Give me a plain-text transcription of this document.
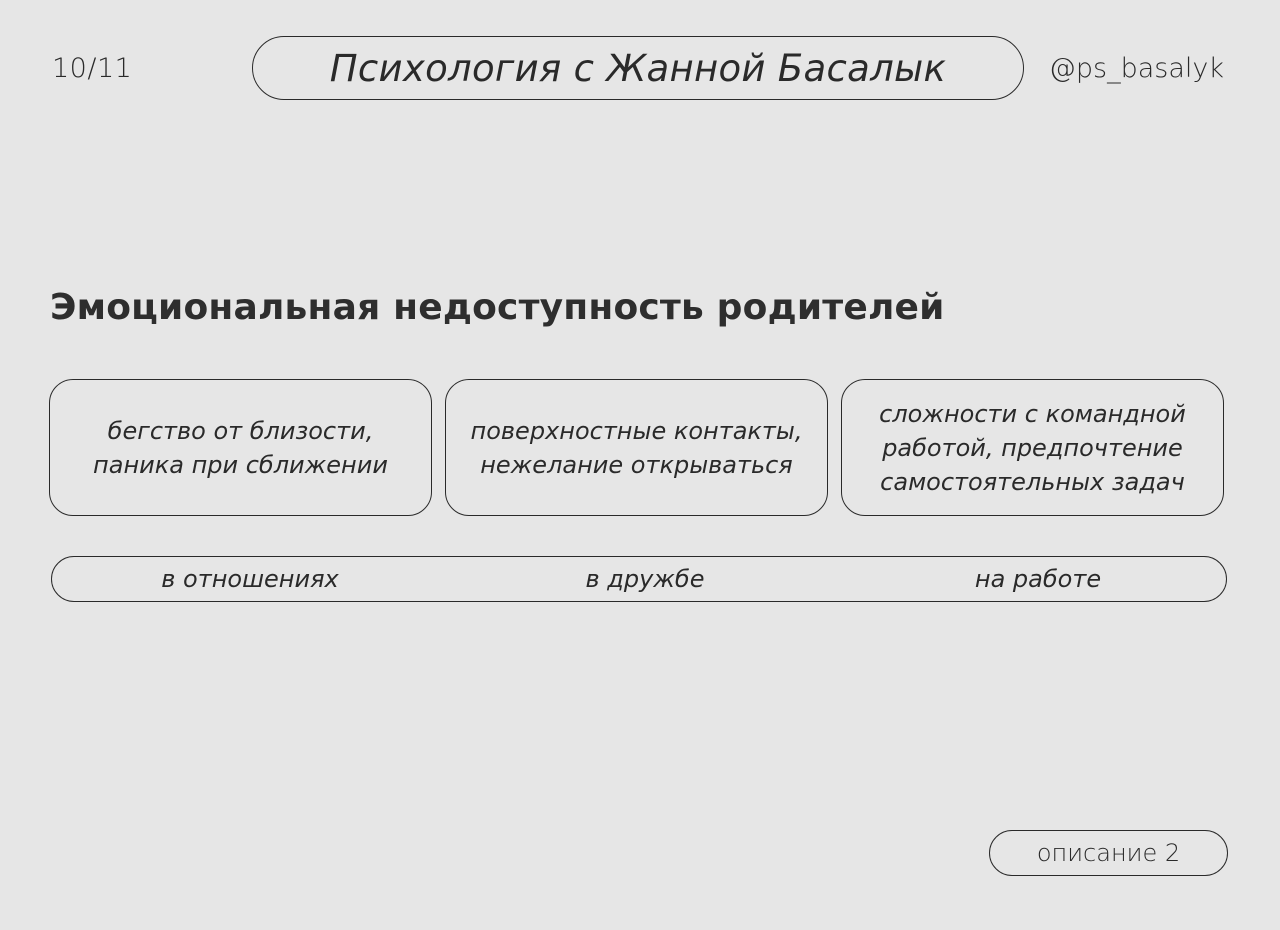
10/11	Психология с Жанной Басалык	@ps_basalyk
Эмоциональная недоступность родителей
бегство от близости,
паника при сближении
поверхностные контакты,
нежелание открываться
сложности с командной
работой, предпочтение
самостоятельных задач
в отношениях	в дружбе	на работе
описание 2
